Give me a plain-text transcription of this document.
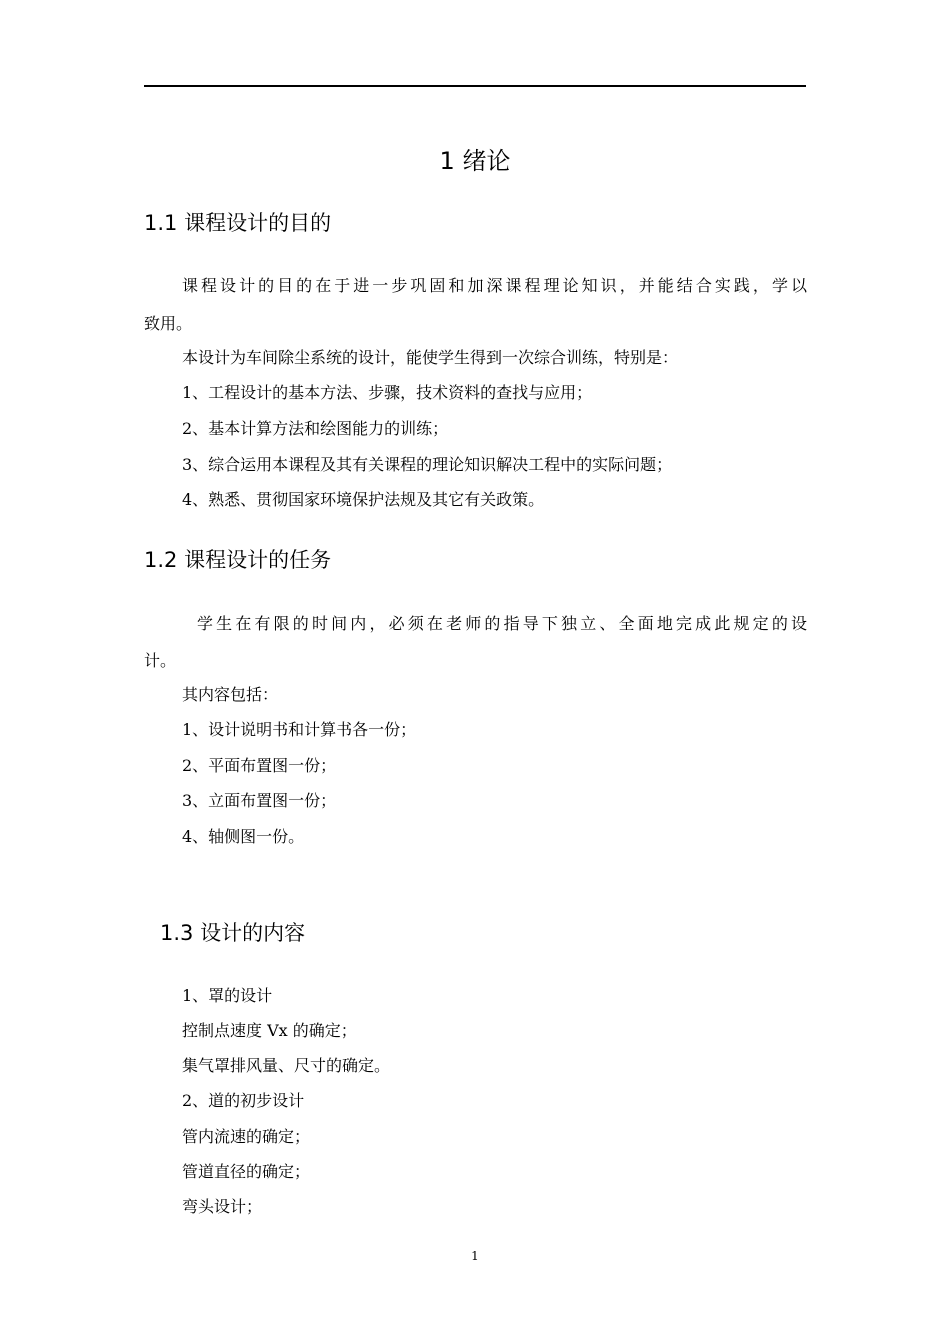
1 绪论
1.1 课程设计的目的
课程设计的目的在于进一步巩固和加深课程理论知识，并能结合实践，学以
致用。
本设计为车间除尘系统的设计，能使学生得到一次综合训练，特别是：
1、工程设计的基本方法、步骤，技术资料的查找与应用；
2、基本计算方法和绘图能力的训练；
3、综合运用本课程及其有关课程的理论知识解决工程中的实际问题；
4、熟悉、贯彻国家环境保护法规及其它有关政策。
1.2 课程设计的任务
学生在有限的时间内，必须在老师的指导下独立、全面地完成此规定的设
计。
其内容包括：
1、设计说明书和计算书各一份；
2、平面布置图一份；
3、立面布置图一份；
4、轴侧图一份。
1.3 设计的内容
1、罩的设计
控制点速度 Vx 的确定；
集气罩排风量、尺寸的确定。
2、道的初步设计
管内流速的确定；
管道直径的确定；
弯头设计；
1
